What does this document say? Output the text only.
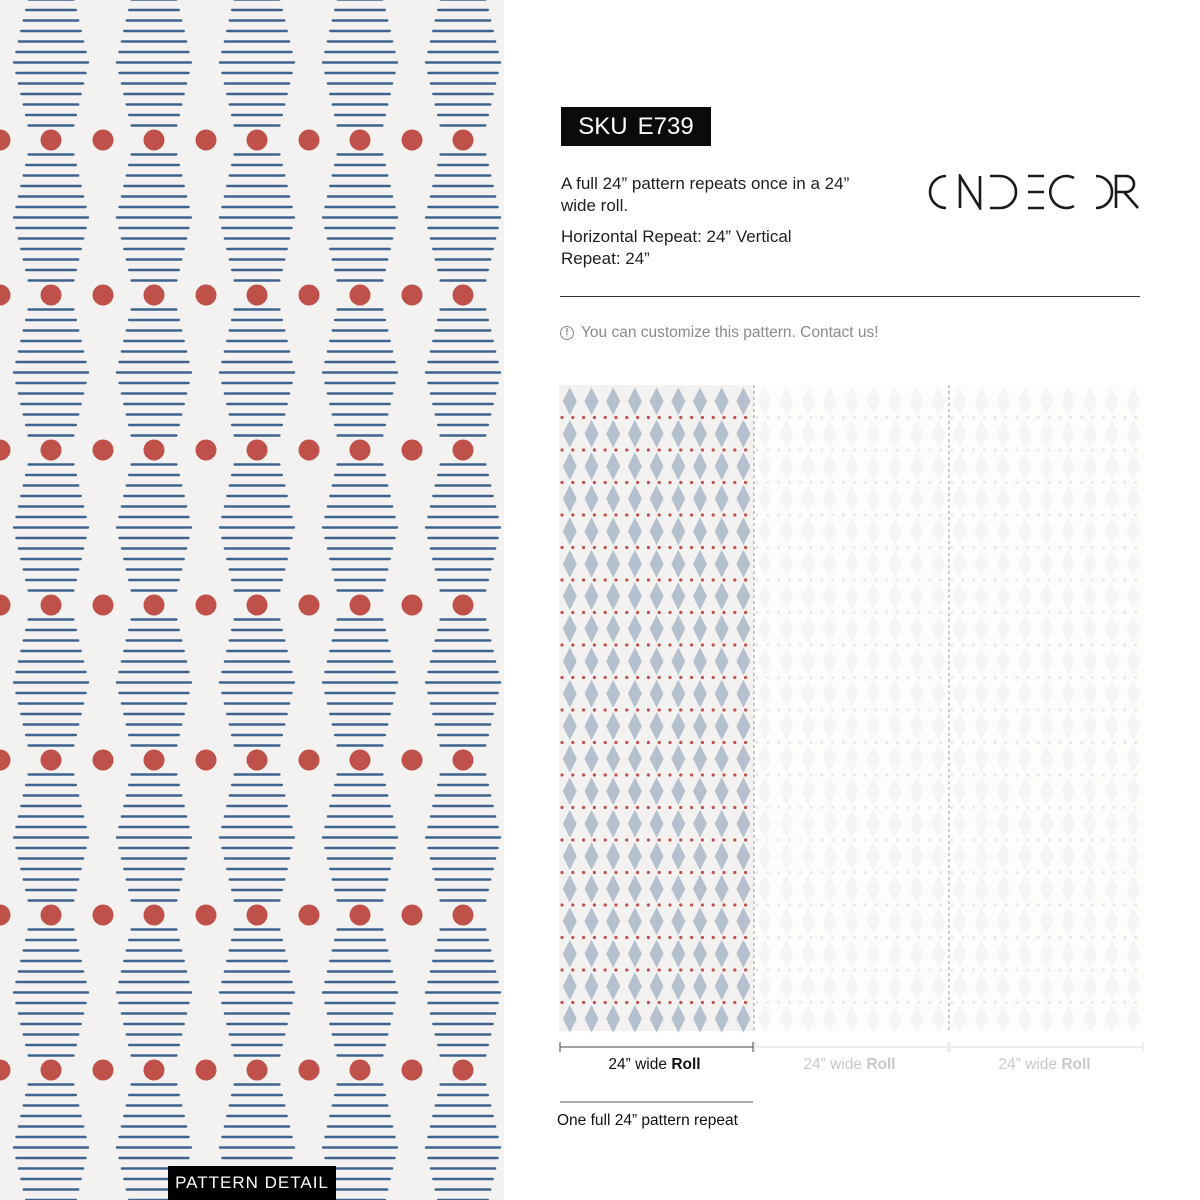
PATTERN DETAIL
SKU E739

A full 24” pattern repeats once in a 24” wide roll.

Horizontal Repeat: 24” Vertical Repeat: 24”

! You can customize this pattern. Contact us!
24” wide Roll	24” wide Roll	24” wide Roll
One full 24” pattern repeat
